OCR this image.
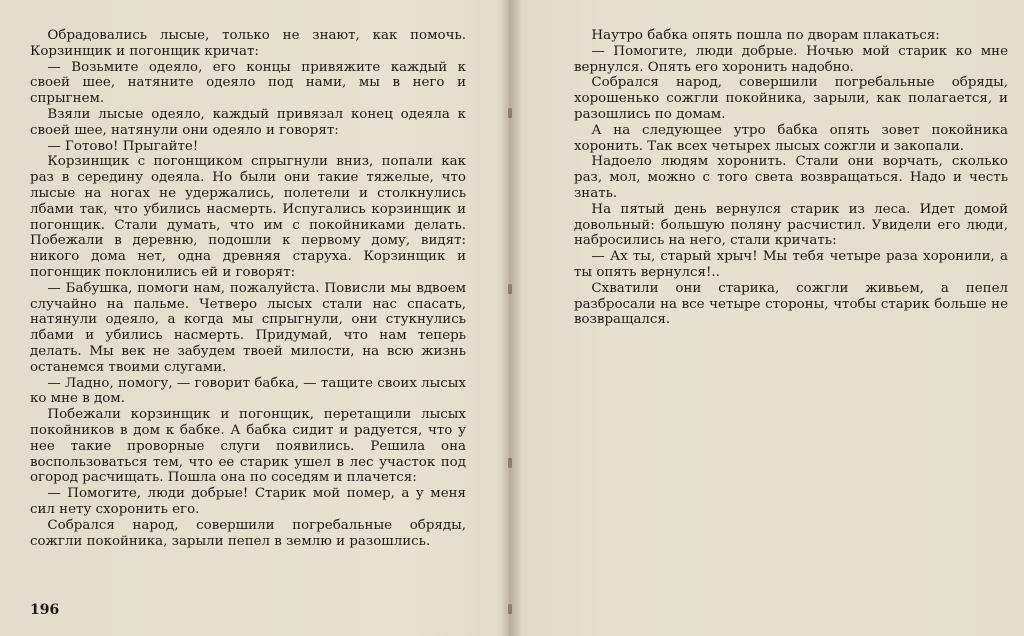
Обрадовались лысые, только не знают, как помочь. Корзинщик и погонщик кричат:

— Возьмите одеяло, его концы привяжите каждый к своей шее, натяните одеяло под нами, мы в него и спрыгнем.

Взяли лысые одеяло, каждый привязал конец одеяла к своей шее, натянули они одеяло и говорят:

— Готово! Прыгайте!

Корзинщик с погонщиком спрыгнули вниз, попали как раз в середину одеяла. Но были они такие тяжелые, что лысые на ногах не удержались, полетели и столкнулись лбами так, что убились насмерть. Испугались корзинщик и погонщик. Стали думать, что им с покойниками делать. Побежали в деревню, подошли к первому дому, видят: никого дома нет, одна древняя старуха. Корзинщик и погонщик поклонились ей и говорят:

— Бабушка, помоги нам, пожалуйста. Повисли мы вдвоем случайно на пальме. Четверо лысых стали нас спасать, натянули одеяло, а когда мы спрыгнули, они стукнулись лбами и убились насмерть. Придумай, что нам теперь делать. Мы век не забудем твоей милости, на всю жизнь останемся твоими слугами.

— Ладно, помогу, — говорит бабка, — тащите своих лысых ко мне в дом.

Побежали корзинщик и погонщик, перетащили лысых покойников в дом к бабке. А бабка сидит и радуется, что у нее такие проворные слуги появились. Решила она воспользоваться тем, что ее старик ушел в лес участок под огород расчищать. Пошла она по соседям и плачется:

— Помогите, люди добрые! Старик мой помер, а у меня сил нету схоронить его.

Собрался народ, совершили погребальные обряды, сожгли покойника, зарыли пепел в землю и разошлись.

196

Наутро бабка опять пошла по дворам плакаться:

— Помогите, люди добрые. Ночью мой старик ко мне вернулся. Опять его хоронить надобно.

Собрался народ, совершили погребальные обряды, хорошенько сожгли покойника, зарыли, как полагается, и разошлись по домам.

А на следующее утро бабка опять зовет покойника хоронить. Так всех четырех лысых сожгли и закопали.

Надоело людям хоронить. Стали они ворчать, сколько раз, мол, можно с того света возвращаться. Надо и честь знать.

На пятый день вернулся старик из леса. Идет домой довольный: большую поляну расчистил. Увидели его люди, набросились на него, стали кричать:

— Ах ты, старый хрыч! Мы тебя четыре раза хоронили, а ты опять вернулся!..

Схватили они старика, сожгли живьем, а пепел разбросали на все четыре стороны, чтобы старик больше не возвращался.
